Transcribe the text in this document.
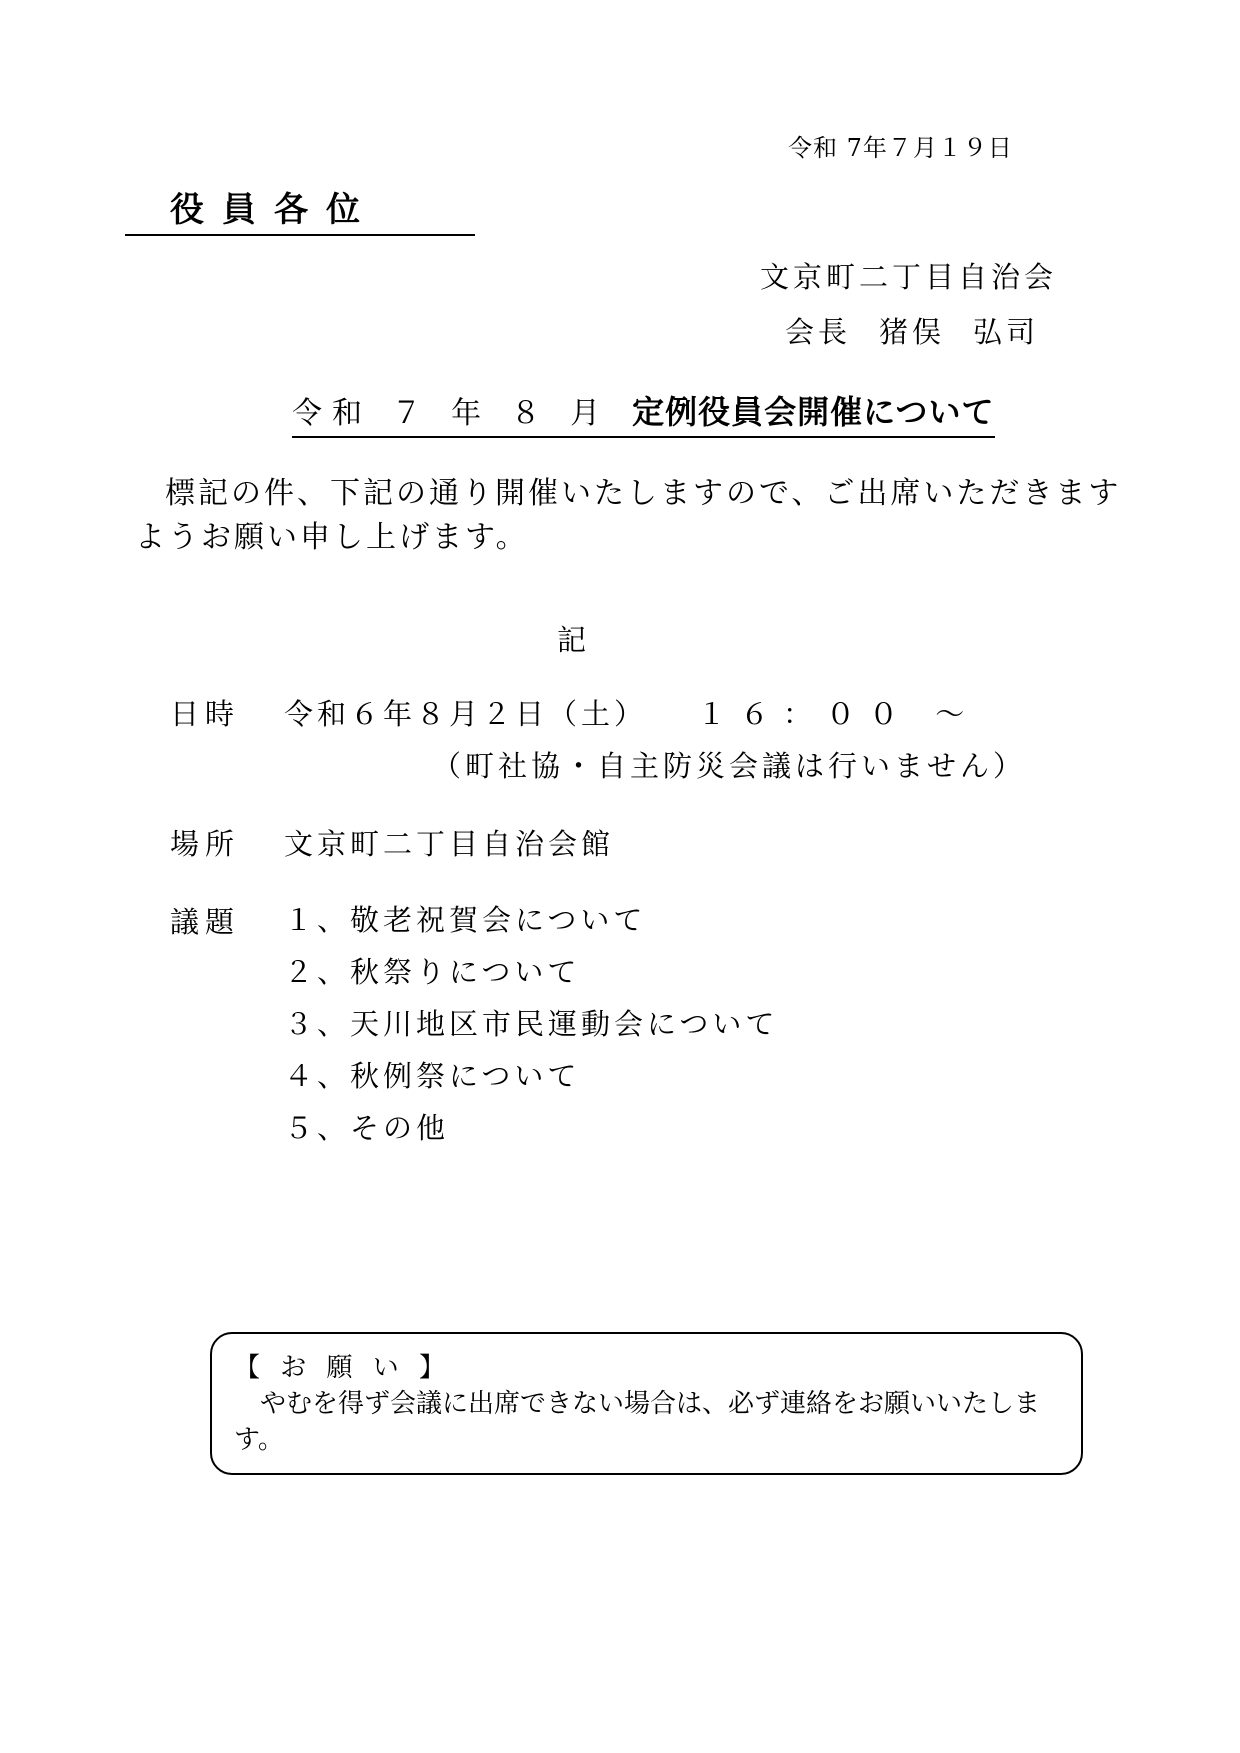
令和 7年７月１９日
役員各位
文京町二丁目自治会
会長 猪俣 弘司
令和 ７ 年 ８ 月 定例役員会開催について
標記の件、下記の通り開催いたしますので、ご出席いただきますようお願い申し上げます。
記
日時 令和６年８月２日（土） １６：００ ～
（町社協・自主防災会議は行いません）
場所 文京町二丁目自治会館
議題 １、敬老祝賀会について
２、秋祭りについて
３、天川地区市民運動会について
４、秋例祭について
５、その他
【 お 願 い 】
やむを得ず会議に出席できない場合は、必ず連絡をお願いいたします。
